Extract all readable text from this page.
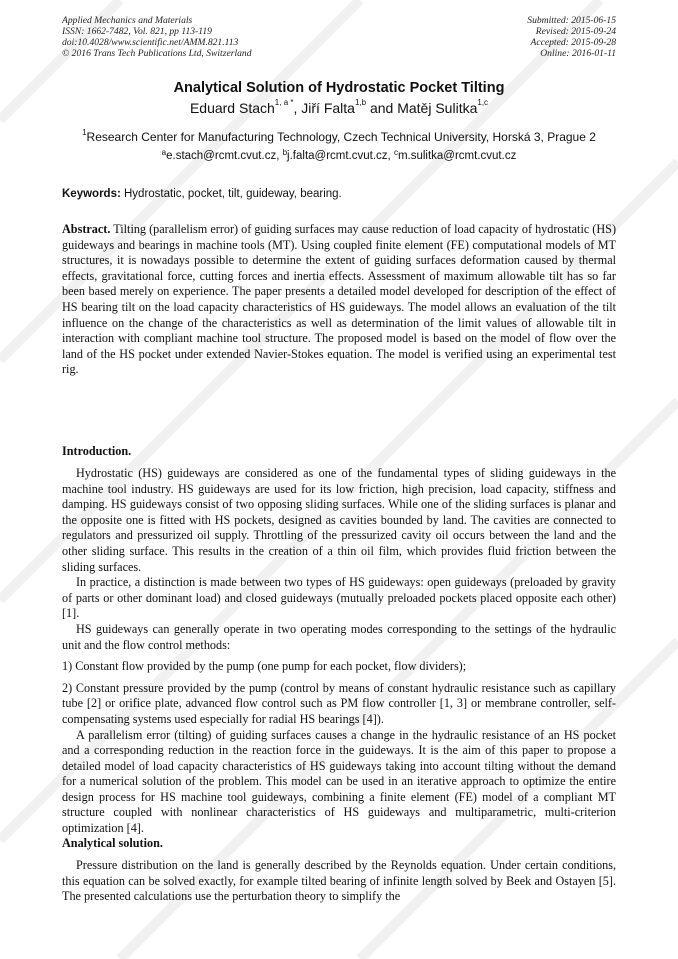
Applied Mechanics and Materials
ISSN: 1662-7482, Vol. 821, pp 113-119
doi:10.4028/www.scientific.net/AMM.821.113
© 2016 Trans Tech Publications Ltd, Switzerland
Submitted: 2015-06-15
Revised: 2015-09-24
Accepted: 2015-09-28
Online: 2016-01-11
Analytical Solution of Hydrostatic Pocket Tilting
Eduard Stach$^{1, a *}$, Jiří Falta$^{1,b}$ and Matěj Sulitka$^{1,c}$
$^1$Research Center for Manufacturing Technology, Czech Technical University, Horská 3, Prague 2
$^a$e.stach@rcmt.cvut.cz, $^b$j.falta@rcmt.cvut.cz, $^c$m.sulitka@rcmt.cvut.cz
Keywords: Hydrostatic, pocket, tilt, guideway, bearing.

Abstract. Tilting (parallelism error) of guiding surfaces may cause reduction of load capacity of hydrostatic (HS) guideways and bearings in machine tools (MT). Using coupled finite element (FE) computational models of MT structures, it is nowadays possible to determine the extent of guiding surfaces deformation caused by thermal effects, gravitational force, cutting forces and inertia effects. Assessment of maximum allowable tilt has so far been based merely on experience. The paper presents a detailed model developed for description of the effect of HS bearing tilt on the load capacity characteristics of HS guideways. The model allows an evaluation of the tilt influence on the change of the characteristics as well as determination of the limit values of allowable tilt in interaction with compliant machine tool structure. The proposed model is based on the model of flow over the land of the HS pocket under extended Navier-Stokes equation. The model is verified using an experimental test rig.

Introduction.

Hydrostatic (HS) guideways are considered as one of the fundamental types of sliding guideways in the machine tool industry. HS guideways are used for its low friction, high precision, load capacity, stiffness and damping. HS guideways consist of two opposing sliding surfaces. While one of the sliding surfaces is planar and the opposite one is fitted with HS pockets, designed as cavities bounded by land. The cavities are connected to regulators and pressurized oil supply. Throttling of the pressurized cavity oil occurs between the land and the other sliding surface. This results in the creation of a thin oil film, which provides fluid friction between the sliding surfaces.

In practice, a distinction is made between two types of HS guideways: open guideways (preloaded by gravity of parts or other dominant load) and closed guideways (mutually preloaded pockets placed opposite each other) [1].

HS guideways can generally operate in two operating modes corresponding to the settings of the hydraulic unit and the flow control methods:

1) Constant flow provided by the pump (one pump for each pocket, flow dividers);

2) Constant pressure provided by the pump (control by means of constant hydraulic resistance such as capillary tube [2] or orifice plate, advanced flow control such as PM flow controller [1, 3] or membrane controller, self-compensating systems used especially for radial HS bearings [4]).

A parallelism error (tilting) of guiding surfaces causes a change in the hydraulic resistance of an HS pocket and a corresponding reduction in the reaction force in the guideways. It is the aim of this paper to propose a detailed model of load capacity characteristics of HS guideways taking into account tilting without the demand for a numerical solution of the problem. This model can be used in an iterative approach to optimize the entire design process for HS machine tool guideways, combining a finite element (FE) model of a compliant MT structure coupled with nonlinear characteristics of HS guideways and multiparametric, multi-criterion optimization [4].

Analytical solution.

Pressure distribution on the land is generally described by the Reynolds equation. Under certain conditions, this equation can be solved exactly, for example tilted bearing of infinite length solved by Beek and Ostayen [5]. The presented calculations use the perturbation theory to simplify the
